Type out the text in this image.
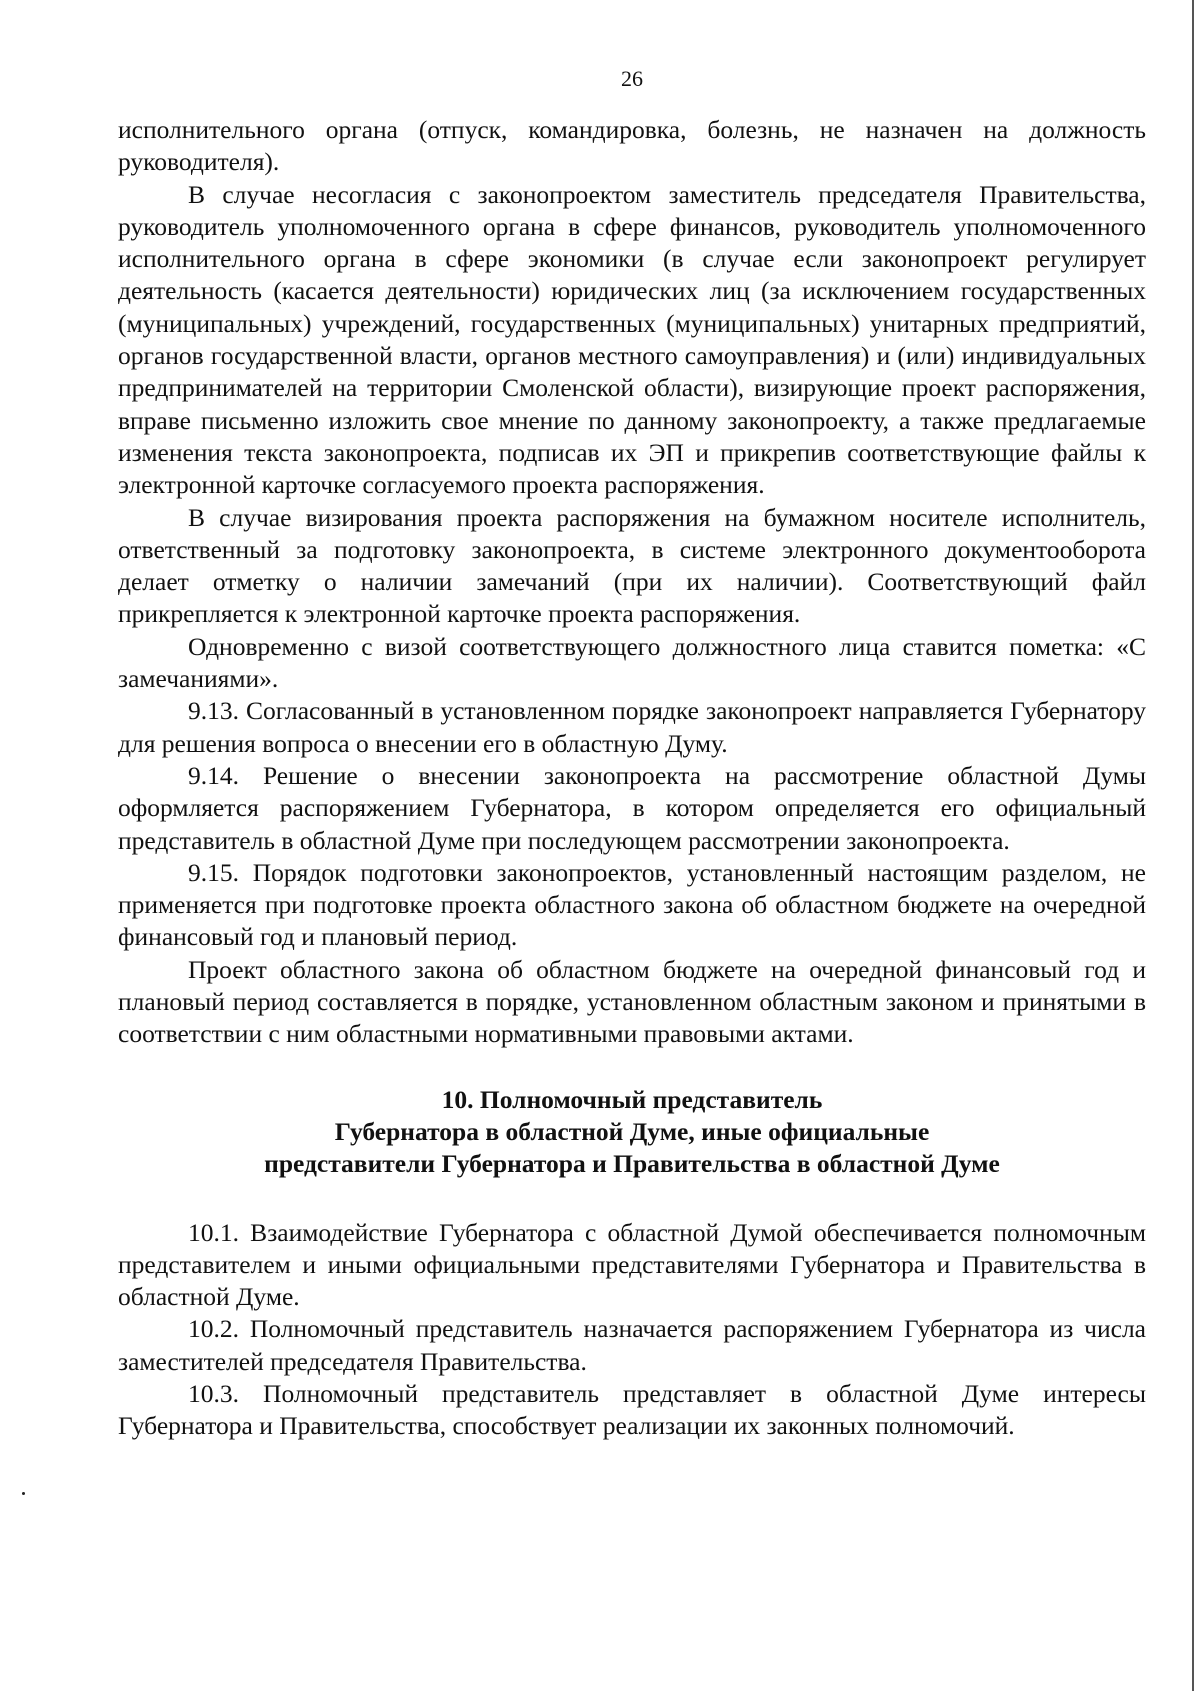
26

исполнительного органа (отпуск, командировка, болезнь, не назначен на должность руководителя).

В случае несогласия с законопроектом заместитель председателя Правительства, руководитель уполномоченного органа в сфере финансов, руководитель уполномоченного исполнительного органа в сфере экономики (в случае если законопроект регулирует деятельность (касается деятельности) юридических лиц (за исключением государственных (муниципальных) учреждений, государственных (муниципальных) унитарных предприятий, органов государственной власти, органов местного самоуправления) и (или) индивидуальных предпринимателей на территории Смоленской области), визирующие проект распоряжения, вправе письменно изложить свое мнение по данному законопроекту, а также предлагаемые изменения текста законопроекта, подписав их ЭП и прикрепив соответствующие файлы к электронной карточке согласуемого проекта распоряжения.

В случае визирования проекта распоряжения на бумажном носителе исполнитель, ответственный за подготовку законопроекта, в системе электронного документооборота делает отметку о наличии замечаний (при их наличии). Соответствующий файл прикрепляется к электронной карточке проекта распоряжения.

Одновременно с визой соответствующего должностного лица ставится пометка: «С замечаниями».

9.13. Согласованный в установленном порядке законопроект направляется Губернатору для решения вопроса о внесении его в областную Думу.

9.14. Решение о внесении законопроекта на рассмотрение областной Думы оформляется распоряжением Губернатора, в котором определяется его официальный представитель в областной Думе при последующем рассмотрении законопроекта.

9.15. Порядок подготовки законопроектов, установленный настоящим разделом, не применяется при подготовке проекта областного закона об областном бюджете на очередной финансовый год и плановый период.

Проект областного закона об областном бюджете на очередной финансовый год и плановый период составляется в порядке, установленном областным законом и принятыми в соответствии с ним областными нормативными правовыми актами.

10. Полномочный представитель
Губернатора в областной Думе, иные официальные
представители Губернатора и Правительства в областной Думе

10.1. Взаимодействие Губернатора с областной Думой обеспечивается полномочным представителем и иными официальными представителями Губернатора и Правительства в областной Думе.

10.2. Полномочный представитель назначается распоряжением Губернатора из числа заместителей председателя Правительства.

10.3. Полномочный представитель представляет в областной Думе интересы Губернатора и Правительства, способствует реализации их законных полномочий.
